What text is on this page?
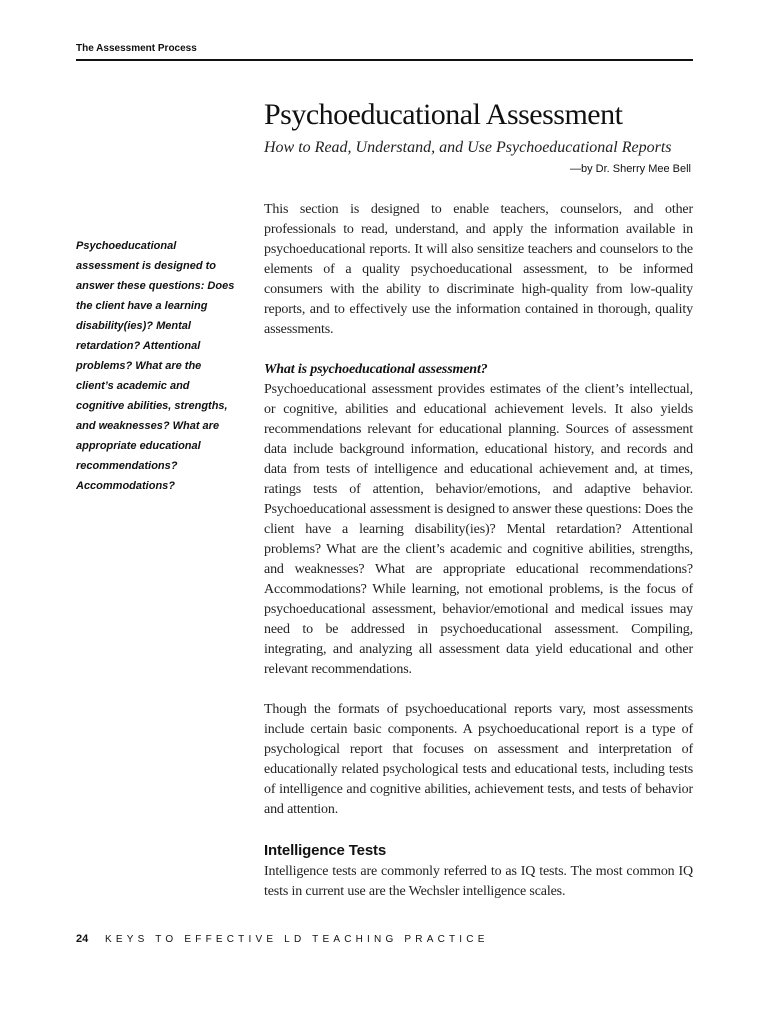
The Assessment Process
Psychoeducational Assessment
How to Read, Understand, and Use Psychoeducational Reports
—by Dr. Sherry Mee Bell
Psychoeducational assessment is designed to answer these questions: Does the client have a learning disability(ies)? Mental retardation? Attentional problems? What are the client’s academic and cognitive abilities, strengths, and weaknesses? What are appropriate educational recommendations? Accommodations?

This section is designed to enable teachers, counselors, and other professionals to read, understand, and apply the information available in psychoeducational reports. It will also sensitize teachers and counselors to the elements of a quality psychoeducational assessment, to be informed consumers with the ability to discriminate high-quality from low-quality reports, and to effectively use the information contained in thorough, quality assessments.

What is psychoeducational assessment?

Psychoeducational assessment provides estimates of the client’s intellectual, or cognitive, abilities and educational achievement levels. It also yields recommendations relevant for educational planning. Sources of assessment data include background information, educational history, and records and data from tests of intelligence and educational achievement and, at times, ratings tests of attention, behavior/emotions, and adaptive behavior. Psychoeducational assessment is designed to answer these questions: Does the client have a learning disability(ies)? Mental retardation? Attentional problems? What are the client’s academic and cognitive abilities, strengths, and weaknesses? What are appropriate educational recommendations? Accommodations? While learning, not emotional problems, is the focus of psychoeducational assessment, behavior/emotional and medical issues may need to be addressed in psychoeducational assessment. Compiling, integrating, and analyzing all assessment data yield educational and other relevant recommendations.

Though the formats of psychoeducational reports vary, most assessments include certain basic components. A psychoeducational report is a type of psychological report that focuses on assessment and interpretation of educationally related psychological tests and educational tests, including tests of intelligence and cognitive abilities, achievement tests, and tests of behavior and attention.

Intelligence Tests

Intelligence tests are commonly referred to as IQ tests. The most common IQ tests in current use are the Wechsler intelligence scales.

24 KEYS TO EFFECTIVE LD TEACHING PRACTICE
